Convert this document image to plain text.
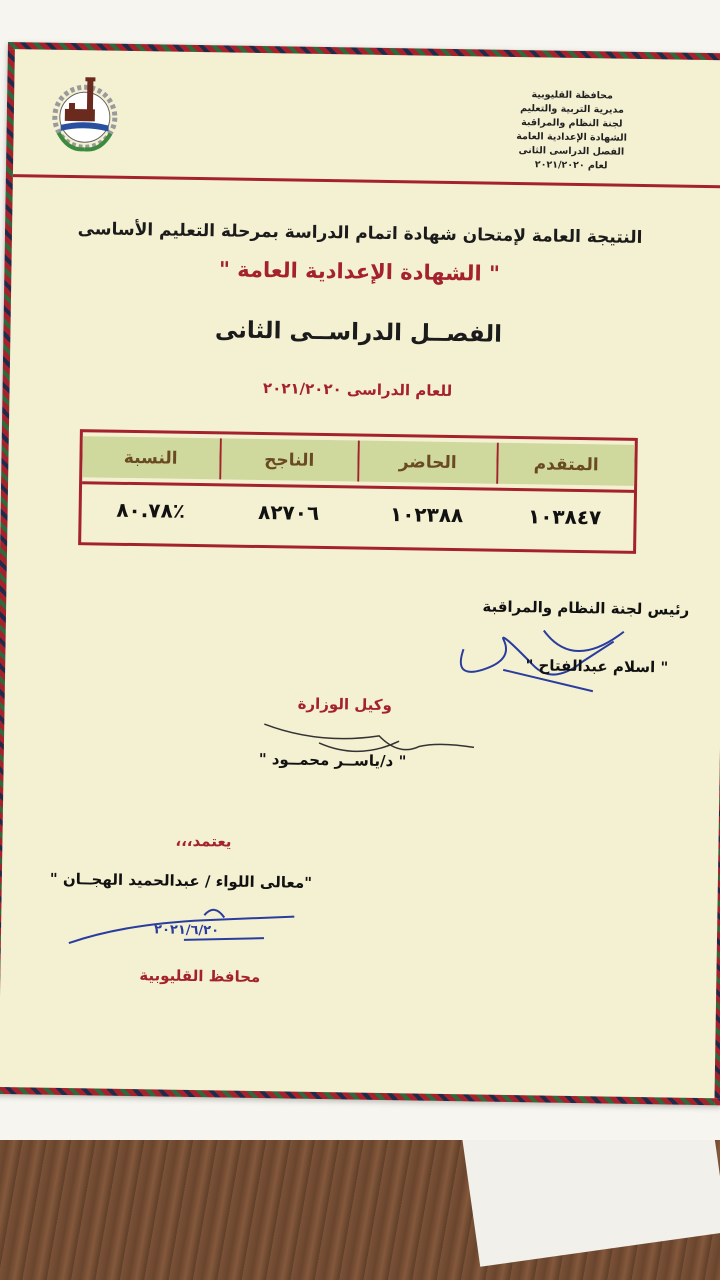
محافظة القليوبية
مديرية التربية والتعليم
لجنة النظام والمراقبة
الشهادة الإعدادية العامة
الفصل الدراسى الثانى
لعام ٢٠٢١/٢٠٢٠
النتيجة العامة لإمتحان شهادة اتمام الدراسة بمرحلة التعليم الأساسى
" الشهادة الإعدادية العامة "
الفصــل الدراســى الثانى
للعام الدراسى ٢٠٢١/٢٠٢٠
المتقدم
الحاضر
الناجح
النسبة
١٠٣٨٤٧
١٠٢٣٨٨
٨٢٧٠٦
٪٨٠.٧٨
رئيس لجنة النظام والمراقبة
" اسلام عبدالفتاح "
وكيل الوزارة
" د/ياســر محمــود "
يعتمد،،،
"معالى اللواء / عبدالحميد الهجــان "
٢٠٢١/٦/٢٠
محافظ القليوبية
